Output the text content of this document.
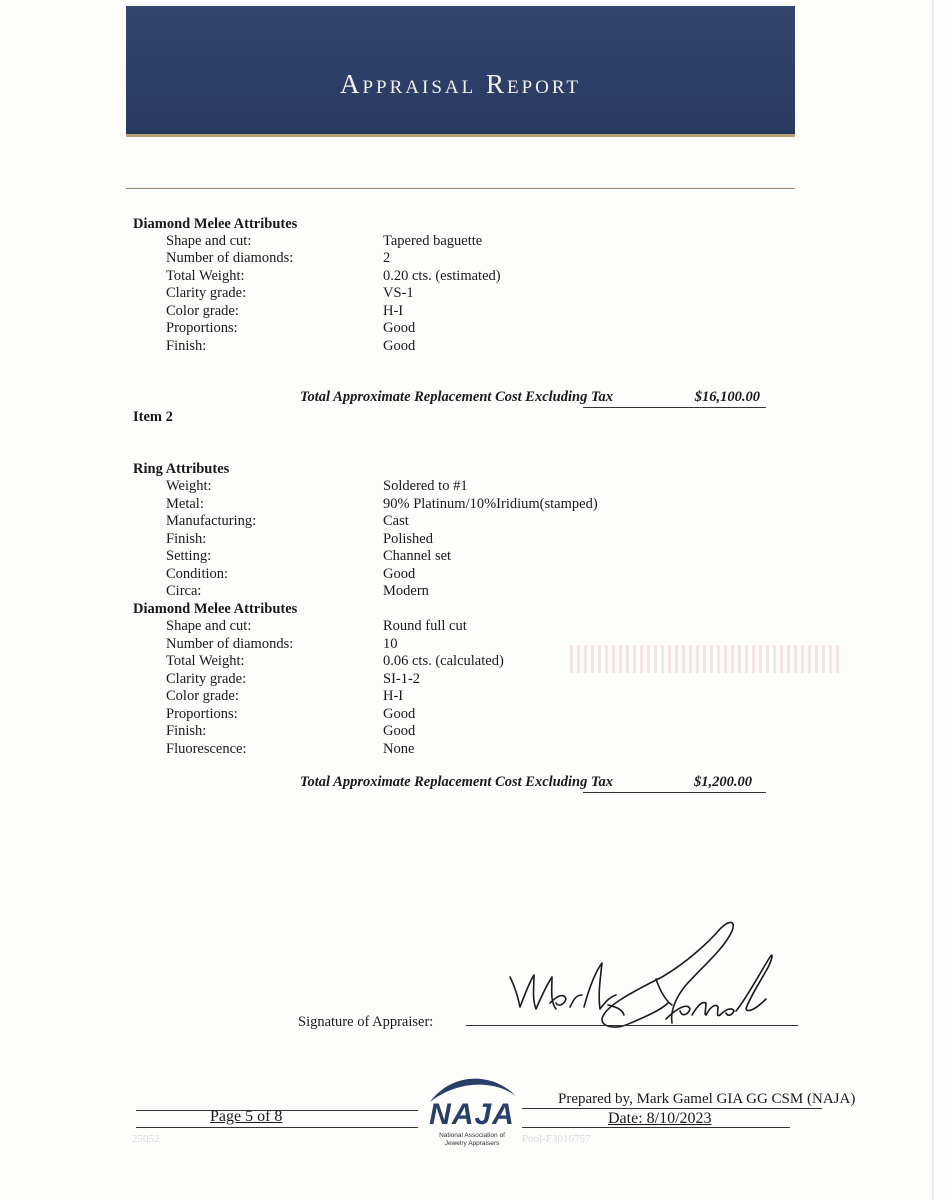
Appraisal Report
Diamond Melee Attributes
Shape and cut:	Tapered baguette
Number of diamonds:	2
Total Weight:	0.20 cts. (estimated)
Clarity grade:	VS-1
Color grade:	H-I
Proportions:	Good
Finish:	Good
Total Approximate Replacement Cost Excluding Tax	$16,100.00
Item 2
Ring Attributes
Weight:	Soldered to #1
Metal:	90% Platinum/10%Iridium(stamped)
Manufacturing:	Cast
Finish:	Polished
Setting:	Channel set
Condition:	Good
Circa:	Modern
Diamond Melee Attributes
Shape and cut:	Round full cut
Number of diamonds:	10
Total Weight:	0.06 cts. (calculated)
Clarity grade:	SI-1-2
Color grade:	H-I
Proportions:	Good
Finish:	Good
Fluorescence:	None
Total Approximate Replacement Cost Excluding Tax	$1,200.00
Signature of Appraiser:
Page 5 of 8
25052
NAJA
National Association of
Jewelry Appraisers
Prepared by, Mark Gamel GIA GG CSM (NAJA)
Date: 8/10/2023
Pool-F3016757
